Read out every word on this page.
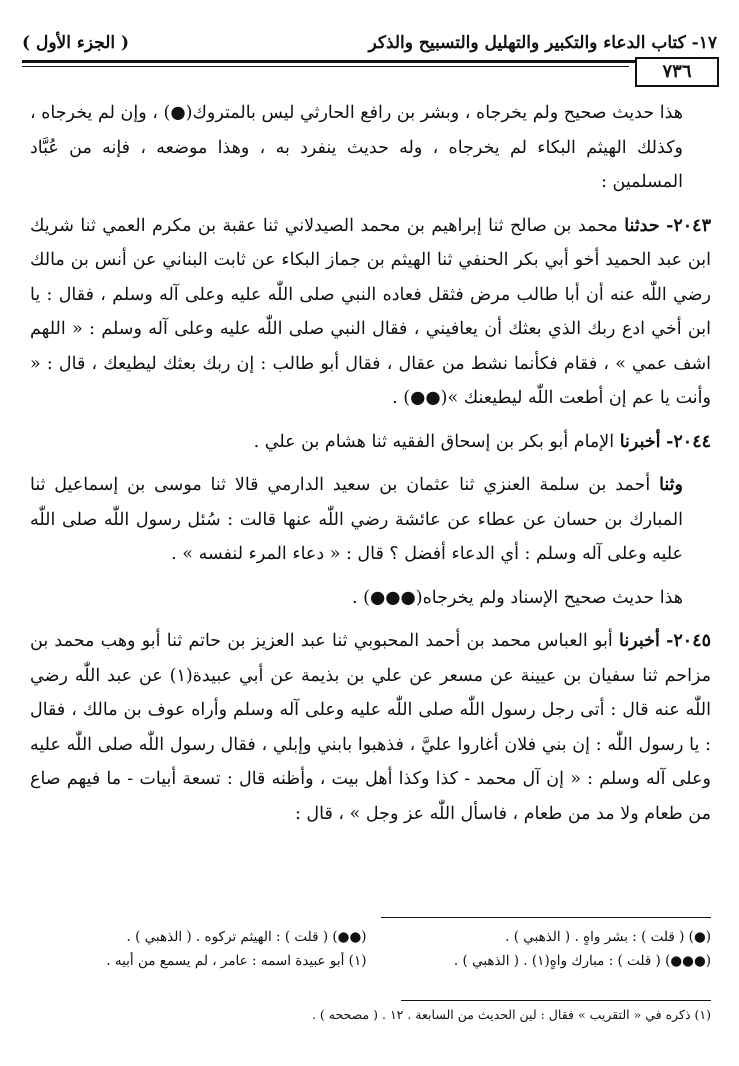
١٧- كتاب الدعاء والتكبير والتهليل والتسبيح والذكر
( الجزء الأول )
٧٣٦

هذا حديث صحيح ولم يخرجاه ، وبشر بن رافع الحارثي ليس بالمتروك(●) ، وإن لم يخرجاه ، وكذلك الهيثم البكاء لم يخرجاه ، وله حديث ينفرد به ، وهذا موضعه ، فإنه من عُبَّاد المسلمين :

٢٠٤٣- حدثنا محمد بن صالح ثنا إبراهيم بن محمد الصيدلاني ثنا عقبة بن مكرم العمي ثنا شريك ابن عبد الحميد أخو أبي بكر الحنفي ثنا الهيثم بن جماز البكاء عن ثابت البناني عن أنس بن مالك رضي اللّٰه عنه أن أبا طالب مرض فثقل فعاده النبي صلى اللّٰه عليه وعلى آله وسلم ، فقال : يا ابن أخي ادع ربك الذي بعثك أن يعافيني ، فقال النبي صلى اللّٰه عليه وعلى آله وسلم : « اللهم اشف عمي » ، فقام فكأنما نشط من عقال ، فقال أبو طالب : إن ربك بعثك ليطيعك ، قال : « وأنت يا عم إن أطعت اللّٰه ليطيعنك »(●●) .

٢٠٤٤- أخبرنا الإمام أبو بكر بن إسحاق الفقيه ثنا هشام بن علي .

وثنا أحمد بن سلمة العنزي ثنا عثمان بن سعيد الدارمي قالا ثنا موسى بن إسماعيل ثنا المبارك بن حسان عن عطاء عن عائشة رضي اللّٰه عنها قالت : سُئل رسول اللّٰه صلى اللّٰه عليه وعلى آله وسلم : أي الدعاء أفضل ؟ قال : « دعاء المرء لنفسه » .

هذا حديث صحيح الإسناد ولم يخرجاه(●●●) .

٢٠٤٥- أخبرنا أبو العباس محمد بن أحمد المحبوبي ثنا عبد العزيز بن حاتم ثنا أبو وهب محمد بن مزاحم ثنا سفيان بن عيينة عن مسعر عن علي بن بذيمة عن أبي عبيدة(١) عن عبد اللّٰه رضي اللّٰه عنه قال : أتى رجل رسول اللّٰه صلى اللّٰه عليه وعلى آله وسلم وأراه عوف بن مالك ، فقال : يا رسول اللّٰه : إن بني فلان أغاروا عليَّ ، فذهبوا بابني وإبلي ، فقال رسول اللّٰه صلى اللّٰه عليه وعلى آله وسلم : « إن آل محمد - كذا وكذا أهل بيت ، وأظنه قال : تسعة أبيات - ما فيهم صاع من طعام ولا مد من طعام ، فاسأل اللّٰه عز وجل » ، قال :

(●) ( قلت ) : بشر واهٍ . ( الذهبي ) .
(●●) ( قلت ) : الهيثم تركوه . ( الذهبي ) .
(●●●) ( قلت ) : مبارك واهٍ(١) . ( الذهبي ) .
(١) أبو عبيدة اسمه : عامر ، لم يسمع من أبيه .
(١) ذكره في « التقريب » فقال : لين الحديث من السابعة . ١٢ . ( مصححه ) .
